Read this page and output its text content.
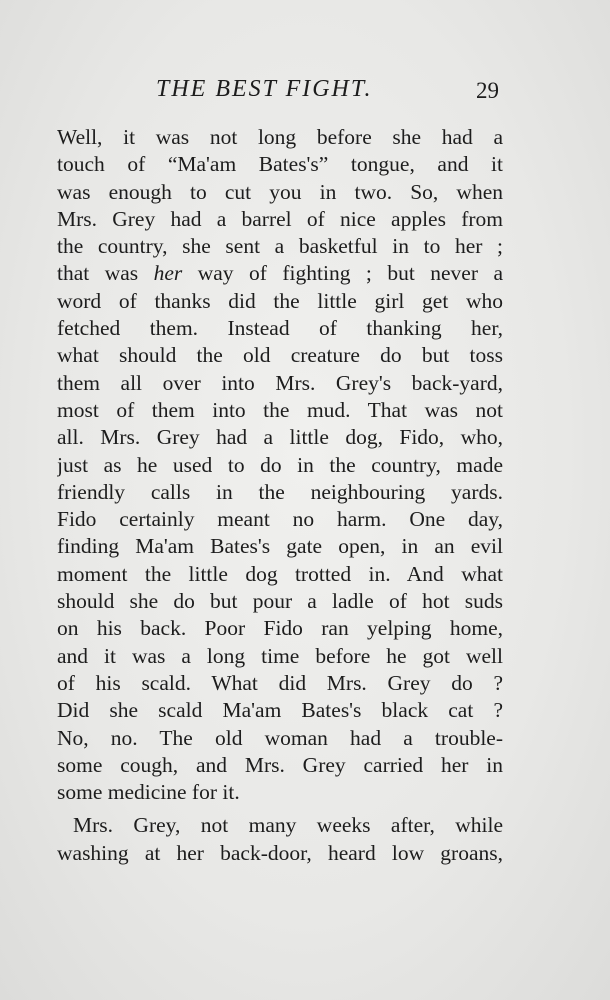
THE BEST FIGHT.	29
Well, it was not long before she had a
touch of “Ma'am Bates's” tongue, and it
was enough to cut you in two. So, when
Mrs. Grey had a barrel of nice apples from
the country, she sent a basketful in to her ;
that was her way of fighting ; but never a
word of thanks did the little girl get who
fetched them. Instead of thanking her,
what should the old creature do but toss
them all over into Mrs. Grey's back-yard,
most of them into the mud. That was not
all. Mrs. Grey had a little dog, Fido, who,
just as he used to do in the country, made
friendly calls in the neighbouring yards.
Fido certainly meant no harm. One day,
finding Ma'am Bates's gate open, in an evil
moment the little dog trotted in. And what
should she do but pour a ladle of hot suds
on his back. Poor Fido ran yelping home,
and it was a long time before he got well
of his scald. What did Mrs. Grey do ?
Did she scald Ma'am Bates's black cat ?
No, no. The old woman had a trouble-
some cough, and Mrs. Grey carried her in
some medicine for it.
Mrs. Grey, not many weeks after, while
washing at her back-door, heard low groans,
